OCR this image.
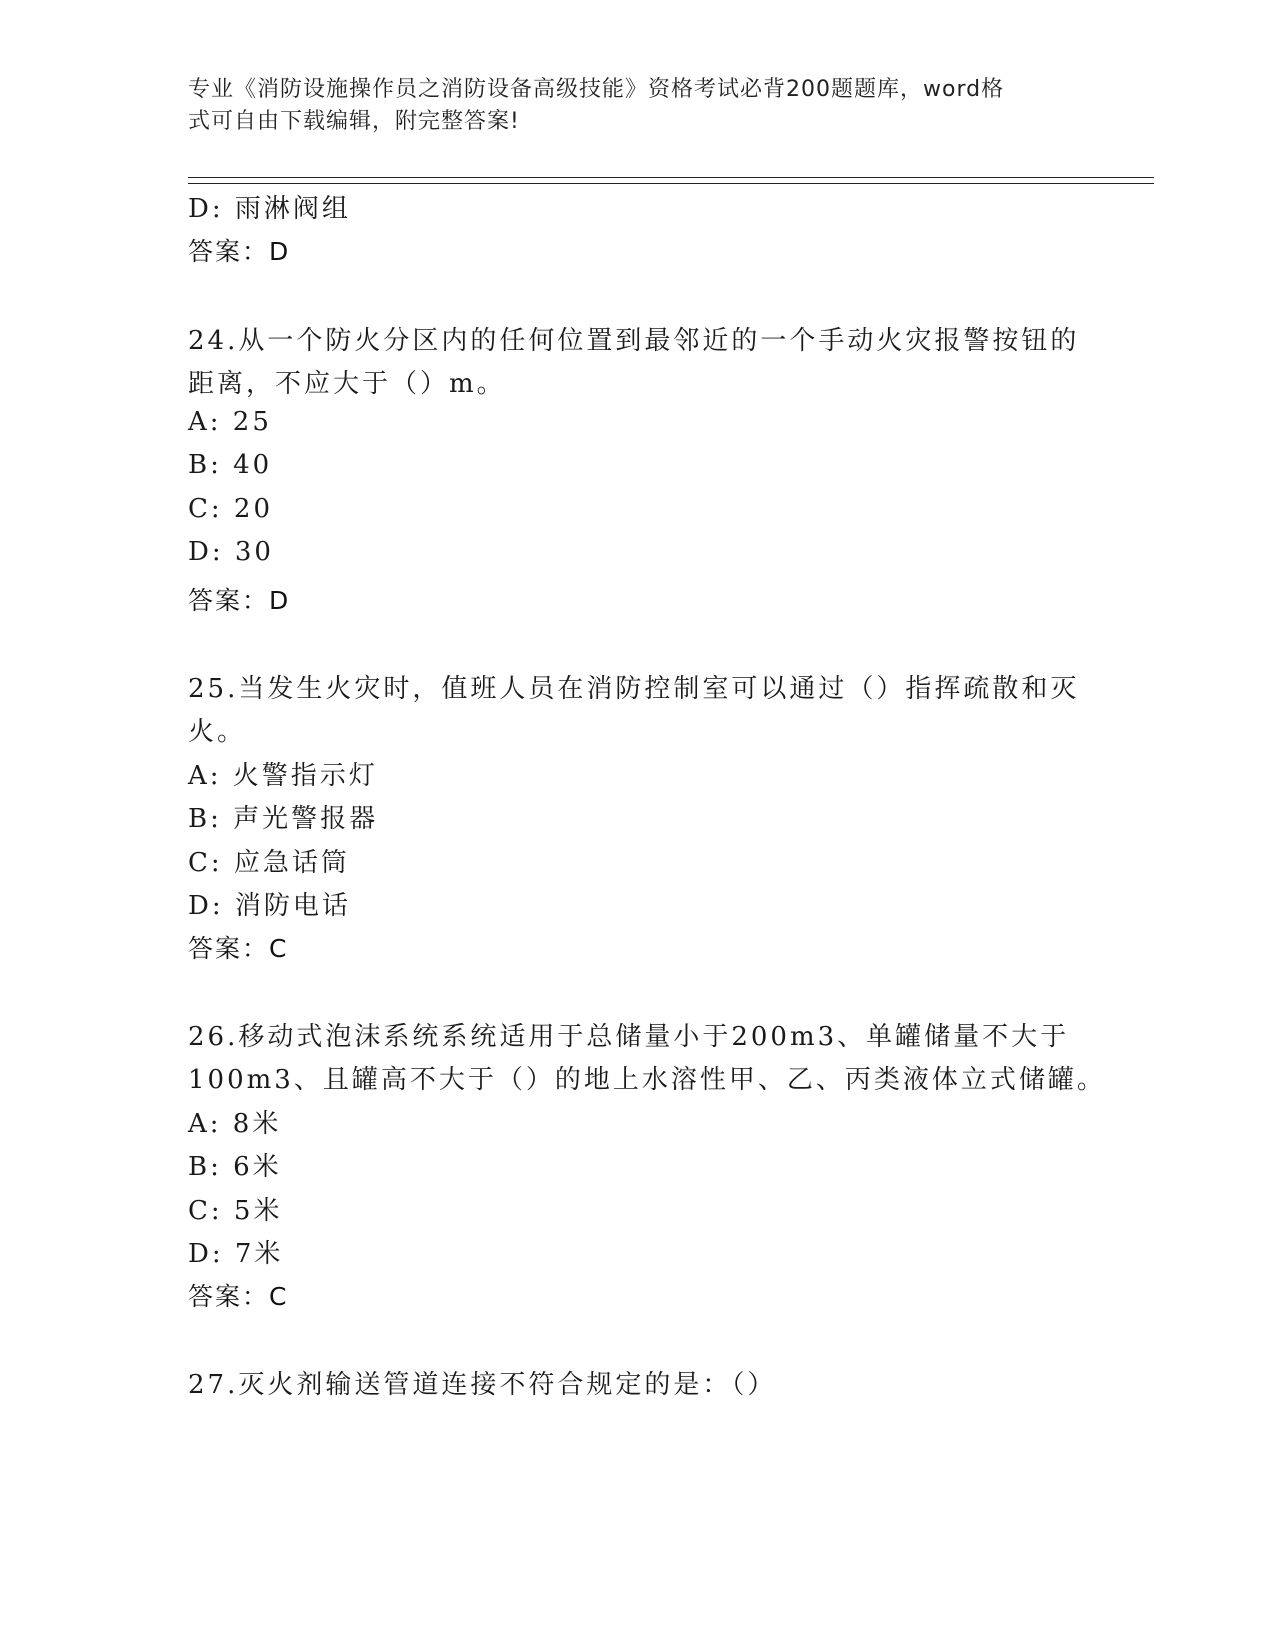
专业《消防设施操作员之消防设备高级技能》资格考试必背200题题库，word格
式可自由下载编辑，附完整答案!
D: 雨淋阀组
答案：D
24.从一个防火分区内的任何位置到最邻近的一个手动火灾报警按钮的
距离，不应大于（）m。
A: 25
B: 40
C: 20
D: 30
答案：D
25.当发生火灾时，值班人员在消防控制室可以通过（）指挥疏散和灭
火。
A: 火警指示灯
B: 声光警报器
C: 应急话筒
D: 消防电话
答案：C
26.移动式泡沫系统系统适用于总储量小于200m3、单罐储量不大于
100m3、且罐高不大于（）的地上水溶性甲、乙、丙类液体立式储罐。
A: 8米
B: 6米
C: 5米
D: 7米
答案：C
27.灭火剂输送管道连接不符合规定的是：（）
